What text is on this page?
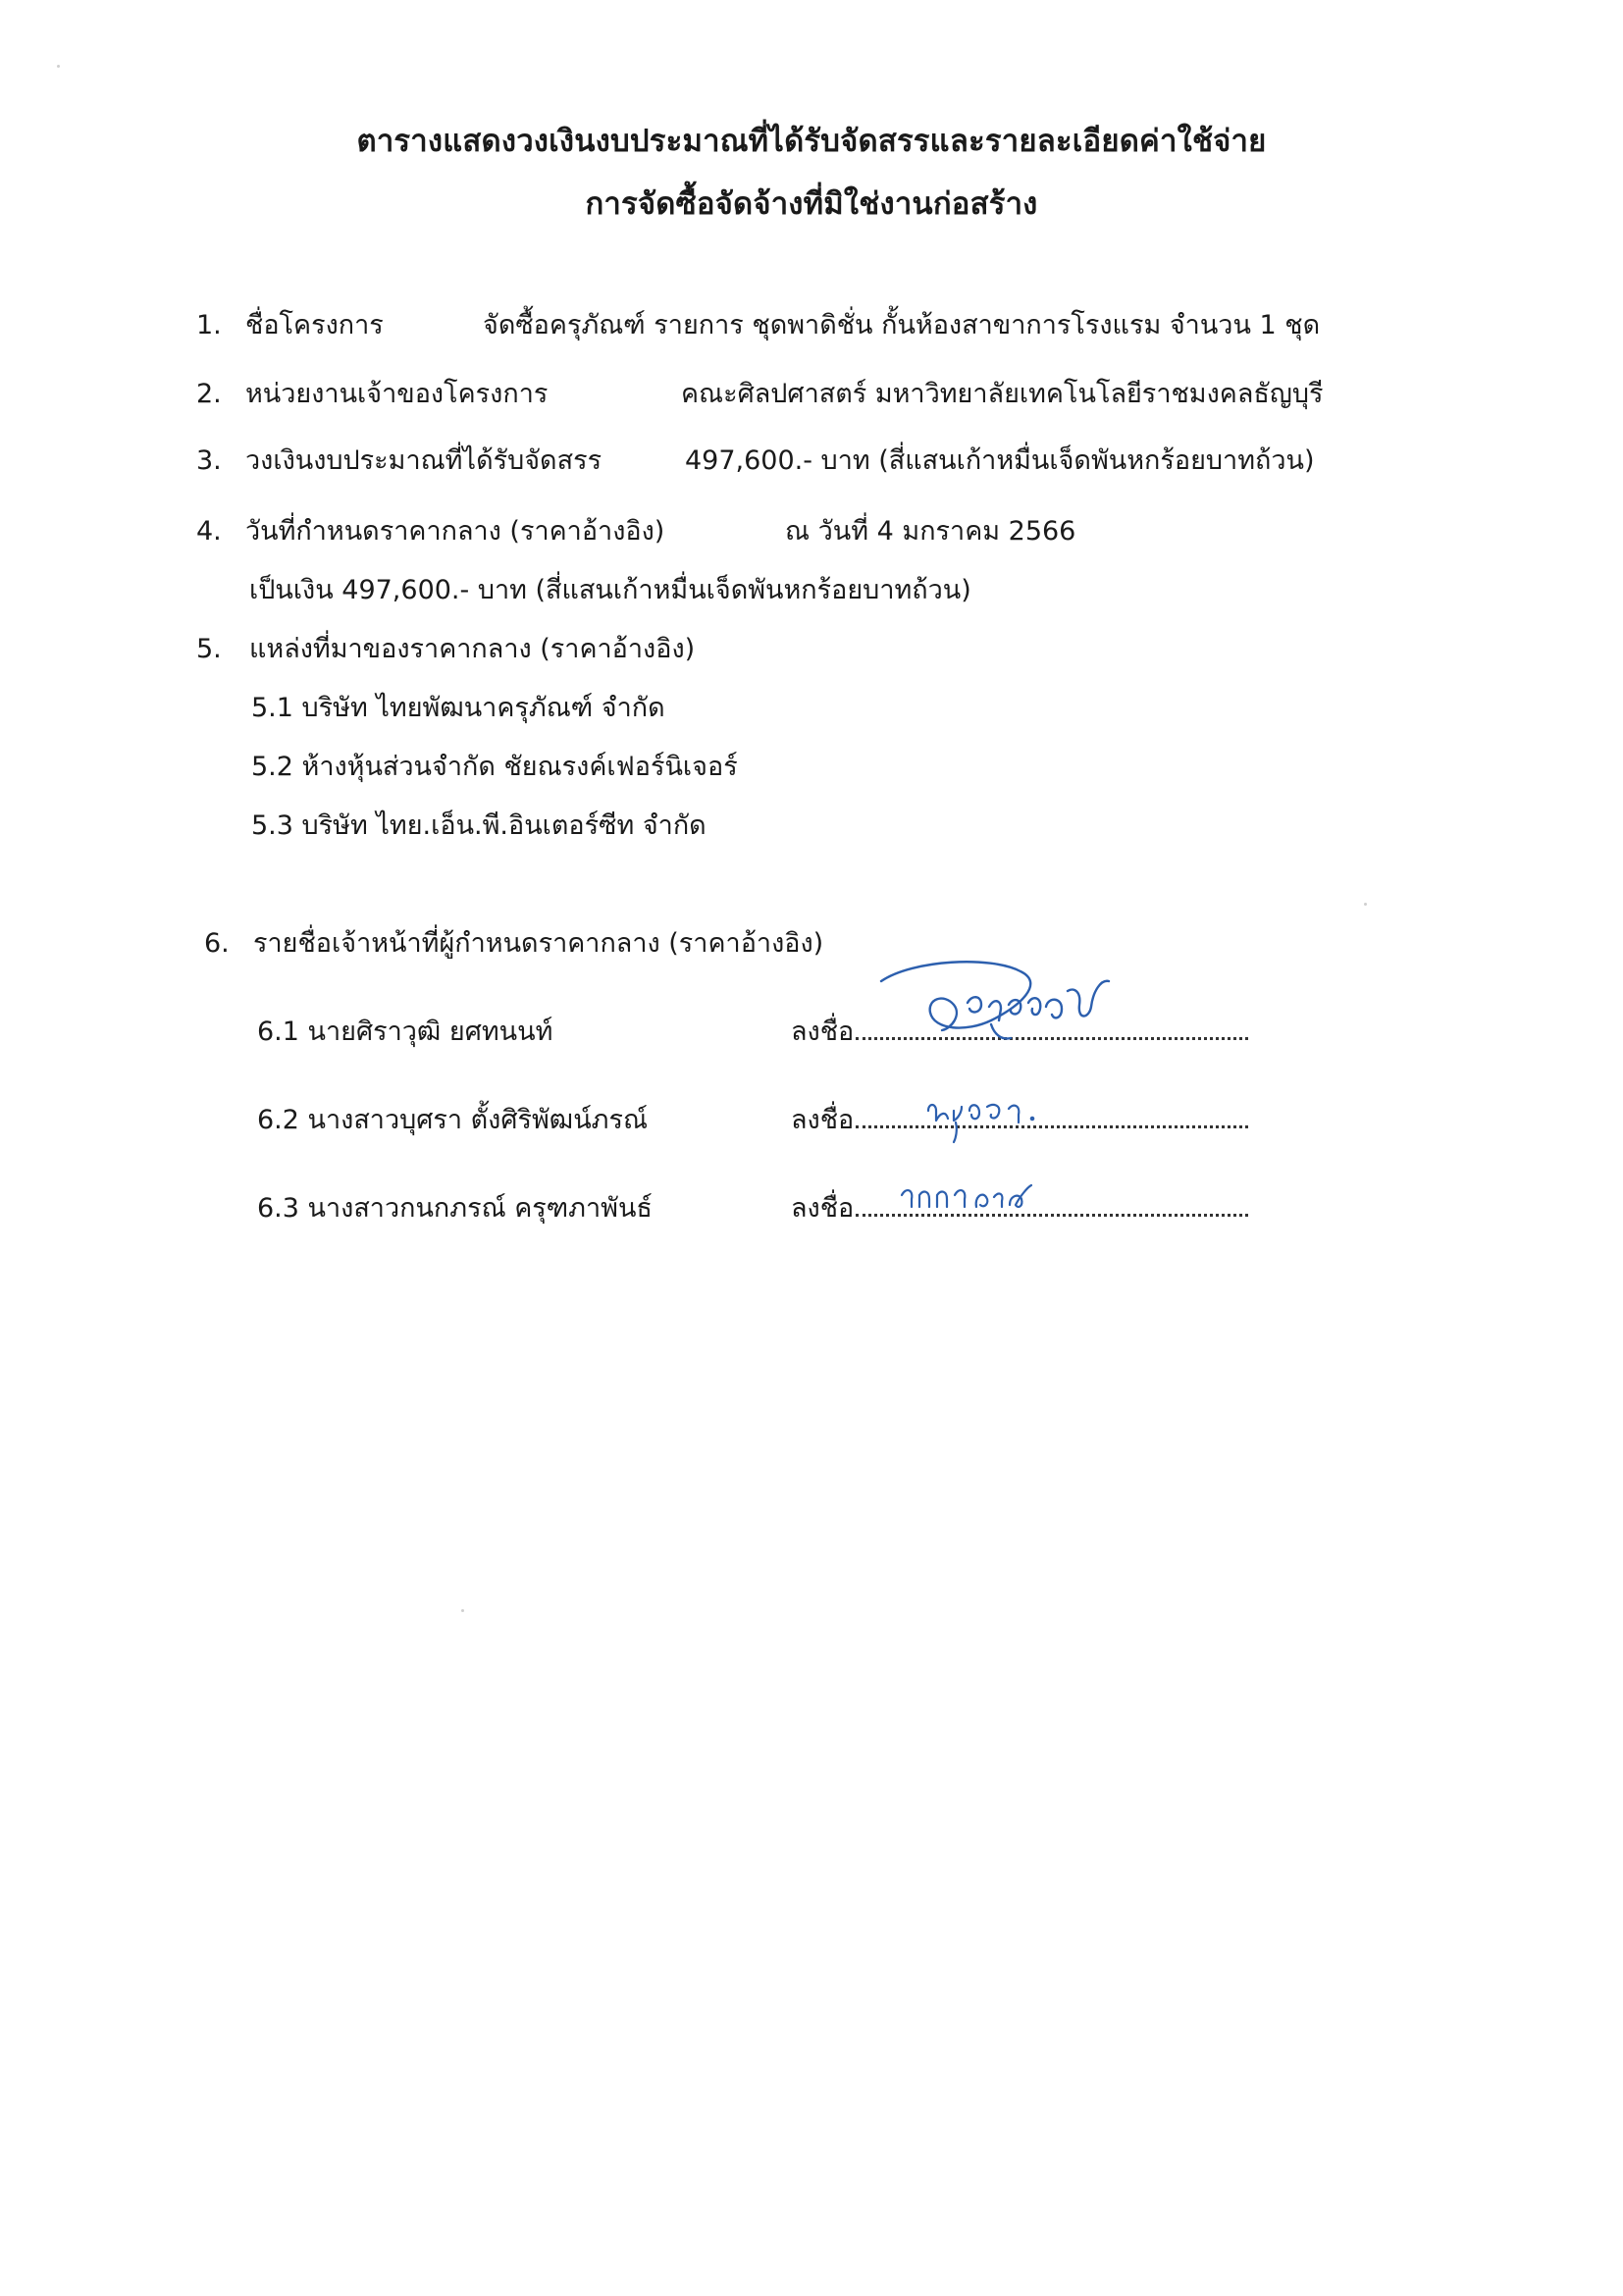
ตารางแสดงวงเงินงบประมาณที่ได้รับจัดสรรและรายละเอียดค่าใช้จ่าย
การจัดซื้อจัดจ้างที่มิใช่งานก่อสร้าง
1. ชื่อโครงการ	จัดซื้อครุภัณฑ์ รายการ ชุดพาดิชั่น กั้นห้องสาขาการโรงแรม จำนวน 1 ชุด
2. หน่วยงานเจ้าของโครงการ	คณะศิลปศาสตร์ มหาวิทยาลัยเทคโนโลยีราชมงคลธัญบุรี
3. วงเงินงบประมาณที่ได้รับจัดสรร	497,600.- บาท (สี่แสนเก้าหมื่นเจ็ดพันหกร้อยบาทถ้วน)
4. วันที่กำหนดราคากลาง (ราคาอ้างอิง)	ณ วันที่ 4 มกราคม 2566
เป็นเงิน 497,600.- บาท (สี่แสนเก้าหมื่นเจ็ดพันหกร้อยบาทถ้วน)
5. แหล่งที่มาของราคากลาง (ราคาอ้างอิง)
5.1 บริษัท ไทยพัฒนาครุภัณฑ์ จำกัด
5.2 ห้างหุ้นส่วนจำกัด ชัยณรงค์เฟอร์นิเจอร์
5.3 บริษัท ไทย.เอ็น.พี.อินเตอร์ซีท จำกัด
6. รายชื่อเจ้าหน้าที่ผู้กำหนดราคากลาง (ราคาอ้างอิง)
6.1 นายศิราวุฒิ ยศทนนท์	ลงชื่อ
6.2 นางสาวบุศรา ตั้งศิริพัฒน์ภรณ์	ลงชื่อ
6.3 นางสาวกนกภรณ์ ครุฑภาพันธ์	ลงชื่อ
